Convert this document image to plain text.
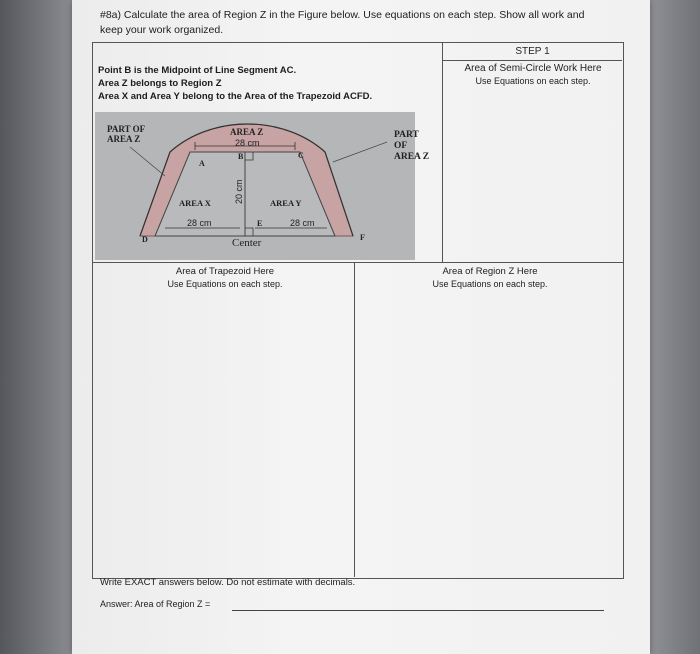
#8a) Calculate the area of Region Z in the Figure below. Use equations on each step. Show all work and
keep your work organized.
STEP 1
Area of Semi-Circle Work Here
Use Equations on each step.
Point B is the Midpoint of Line Segment AC.
Area Z belongs to Region Z
Area X and Area Y belong to the Area of the Trapezoid ACFD.
PART OF AREA Z
AREA Z
28 cm
B
A
C
20 cm
AREA X	AREA Y
28 cm	28 cm
E
Center
D	F
PART
OF
AREA Z
Area of Trapezoid Here
Use Equations on each step.
Area of Region Z Here
Use Equations on each step.
Write EXACT answers below. Do not estimate with decimals.
Answer: Area of Region Z =
